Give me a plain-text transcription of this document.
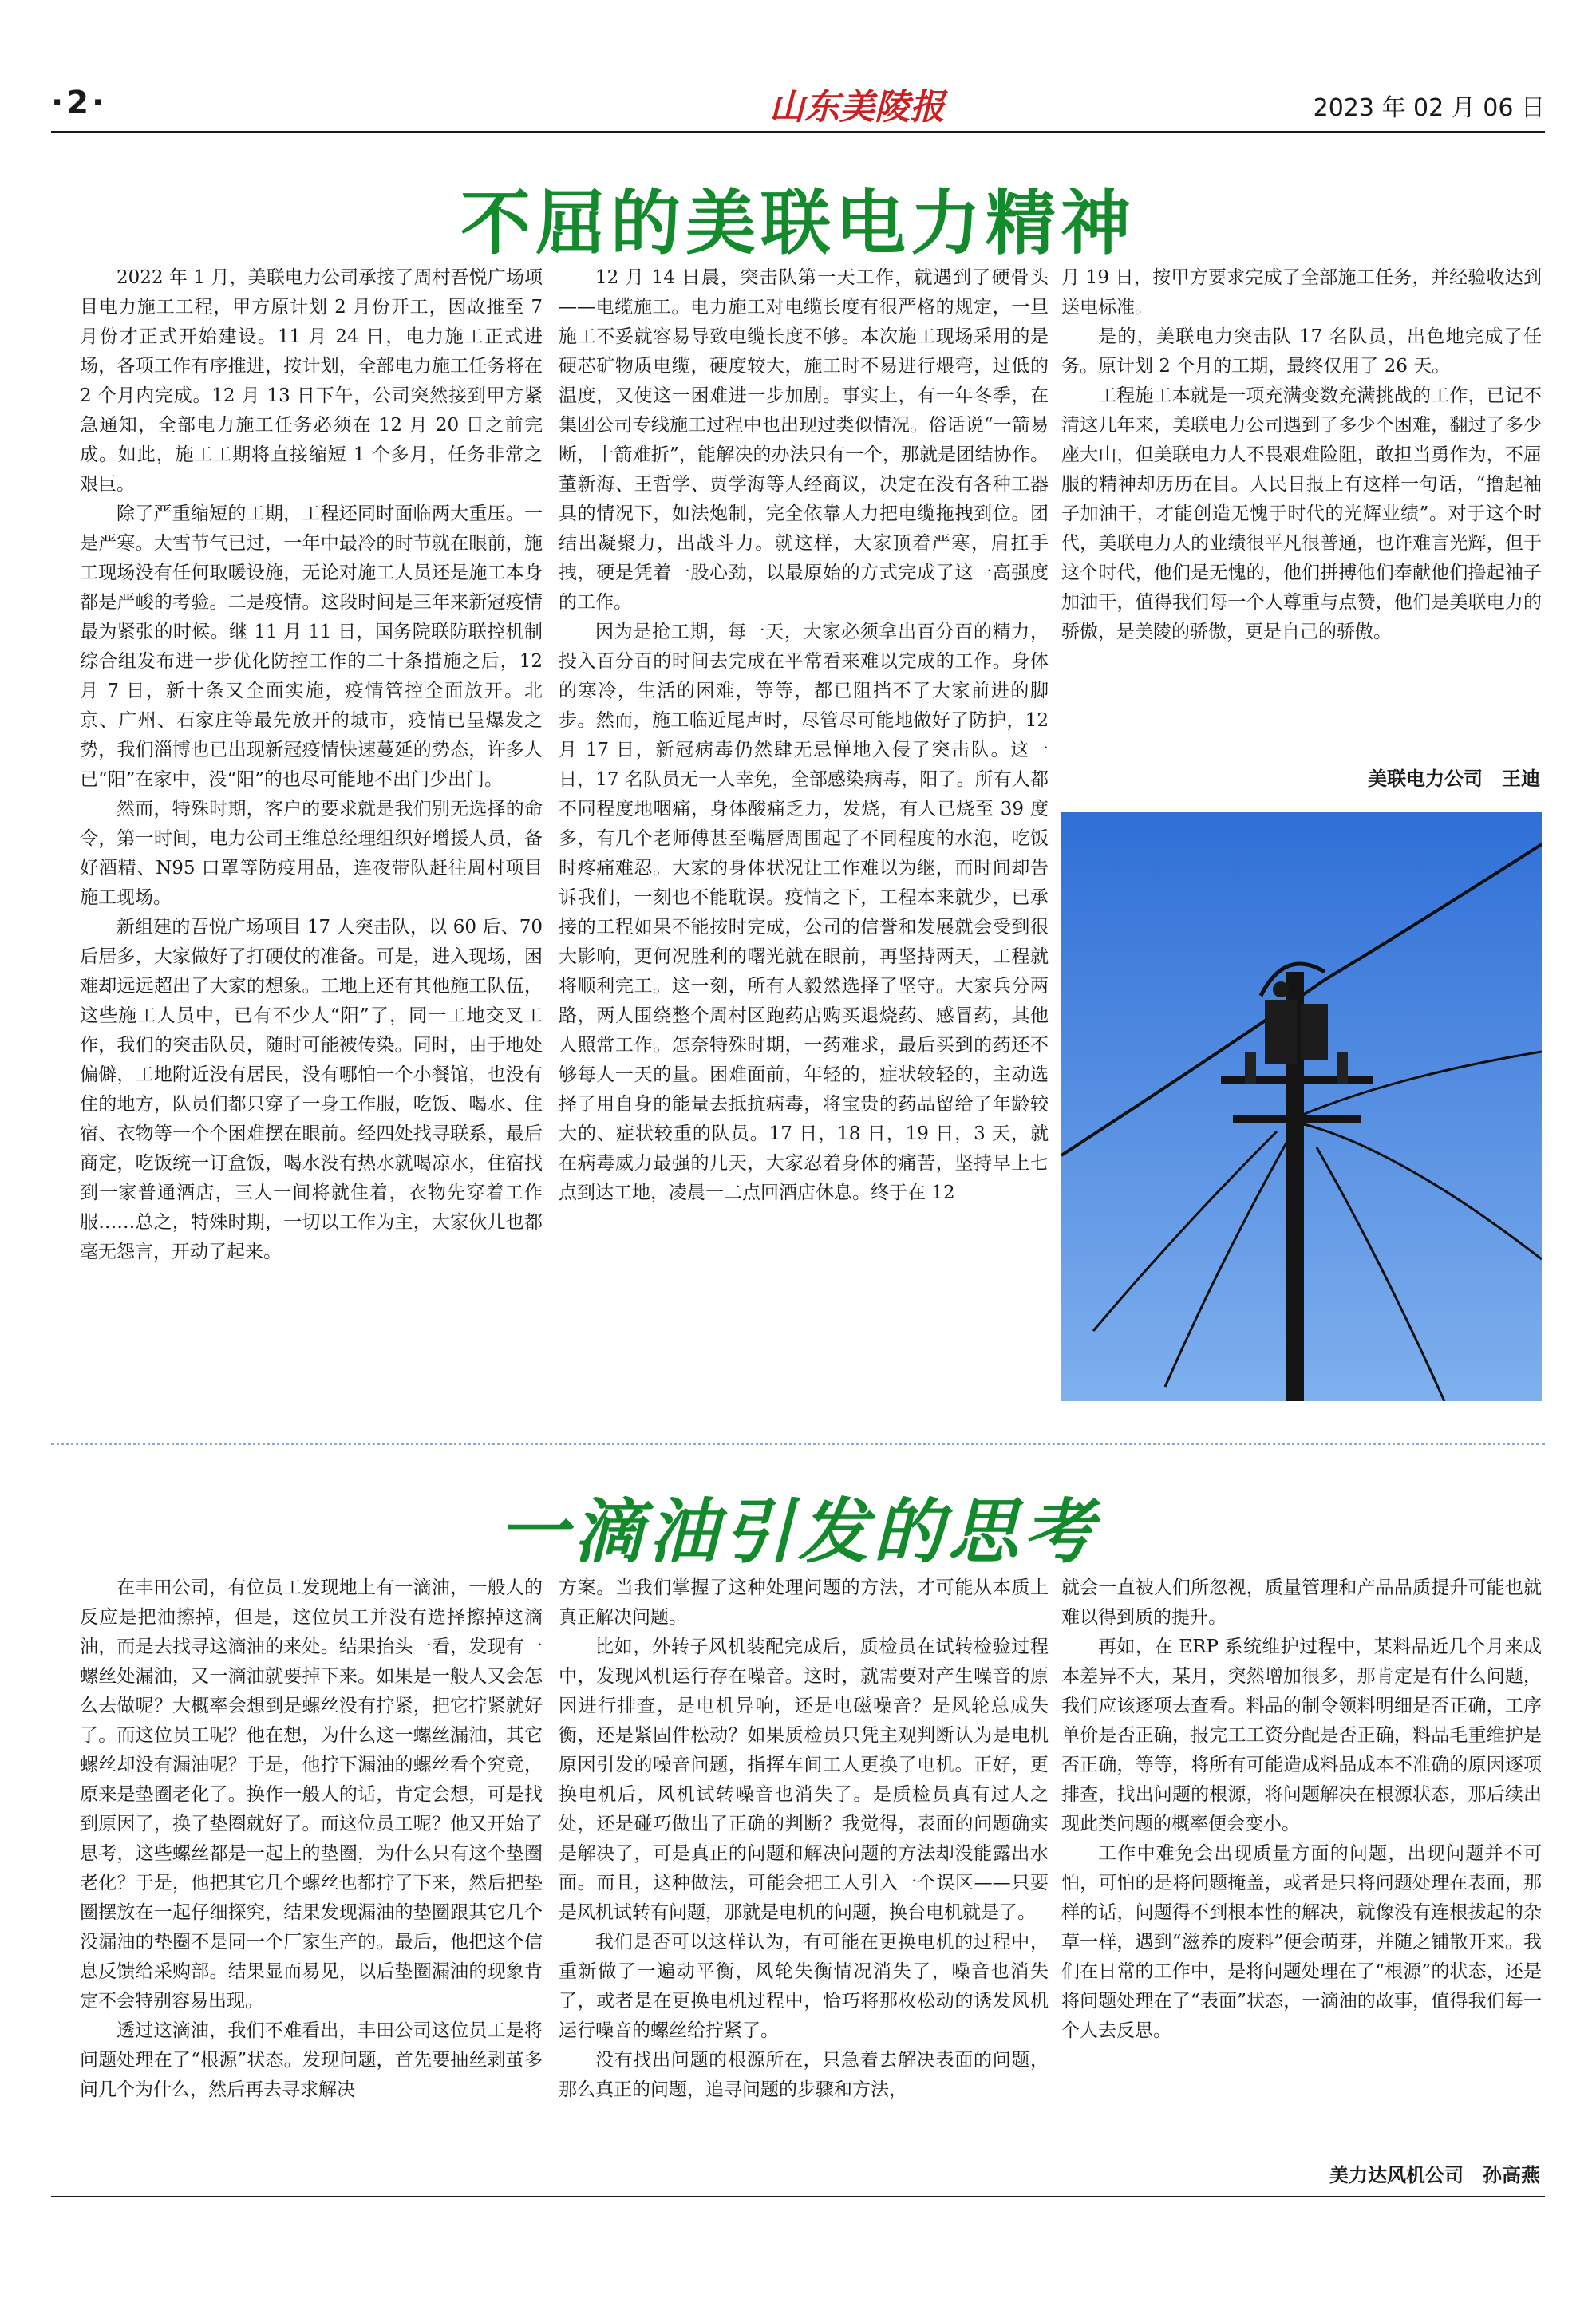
·2·	山东美陵报	2023 年 02 月 06 日
不屈的美联电力精神

2022 年 1 月，美联电力公司承接了周村吾悦广场项目电力施工工程，甲方原计划 2 月份开工，因故推至 7 月份才正式开始建设。11 月 24 日，电力施工正式进场，各项工作有序推进，按计划，全部电力施工任务将在 2 个月内完成。12 月 13 日下午，公司突然接到甲方紧急通知，全部电力施工任务必须在 12 月 20 日之前完成。如此，施工工期将直接缩短 1 个多月，任务非常之艰巨。

除了严重缩短的工期，工程还同时面临两大重压。一是严寒。大雪节气已过，一年中最冷的时节就在眼前，施工现场没有任何取暖设施，无论对施工人员还是施工本身都是严峻的考验。二是疫情。这段时间是三年来新冠疫情最为紧张的时候。继 11 月 11 日，国务院联防联控机制综合组发布进一步优化防控工作的二十条措施之后，12 月 7 日，新十条又全面实施，疫情管控全面放开。北京、广州、石家庄等最先放开的城市，疫情已呈爆发之势，我们淄博也已出现新冠疫情快速蔓延的势态，许多人已“阳”在家中，没“阳”的也尽可能地不出门少出门。

然而，特殊时期，客户的要求就是我们别无选择的命令，第一时间，电力公司王维总经理组织好增援人员，备好酒精、N95 口罩等防疫用品，连夜带队赶往周村项目施工现场。

新组建的吾悦广场项目 17 人突击队，以 60 后、70 后居多，大家做好了打硬仗的准备。可是，进入现场，困难却远远超出了大家的想象。工地上还有其他施工队伍，这些施工人员中，已有不少人“阳”了，同一工地交叉工作，我们的突击队员，随时可能被传染。同时，由于地处偏僻，工地附近没有居民，没有哪怕一个小餐馆，也没有住的地方，队员们都只穿了一身工作服，吃饭、喝水、住宿、衣物等一个个困难摆在眼前。经四处找寻联系，最后商定，吃饭统一订盒饭，喝水没有热水就喝凉水，住宿找到一家普通酒店，三人一间将就住着，衣物先穿着工作服……总之，特殊时期，一切以工作为主，大家伙儿也都毫无怨言，开动了起来。

12 月 14 日晨，突击队第一天工作，就遇到了硬骨头——电缆施工。电力施工对电缆长度有很严格的规定，一旦施工不妥就容易导致电缆长度不够。本次施工现场采用的是硬芯矿物质电缆，硬度较大，施工时不易进行煨弯，过低的温度，又使这一困难进一步加剧。事实上，有一年冬季，在集团公司专线施工过程中也出现过类似情况。俗话说“一箭易断，十箭难折”，能解决的办法只有一个，那就是团结协作。董新海、王哲学、贾学海等人经商议，决定在没有各种工器具的情况下，如法炮制，完全依靠人力把电缆拖拽到位。团结出凝聚力，出战斗力。就这样，大家顶着严寒，肩扛手拽，硬是凭着一股心劲，以最原始的方式完成了这一高强度的工作。

因为是抢工期，每一天，大家必须拿出百分百的精力，投入百分百的时间去完成在平常看来难以完成的工作。身体的寒冷，生活的困难，等等，都已阻挡不了大家前进的脚步。然而，施工临近尾声时，尽管尽可能地做好了防护，12 月 17 日，新冠病毒仍然肆无忌惮地入侵了突击队。这一日，17 名队员无一人幸免，全部感染病毒，阳了。所有人都不同程度地咽痛，身体酸痛乏力，发烧，有人已烧至 39 度多，有几个老师傅甚至嘴唇周围起了不同程度的水泡，吃饭时疼痛难忍。大家的身体状况让工作难以为继，而时间却告诉我们，一刻也不能耽误。疫情之下，工程本来就少，已承接的工程如果不能按时完成，公司的信誉和发展就会受到很大影响，更何况胜利的曙光就在眼前，再坚持两天，工程就将顺利完工。这一刻，所有人毅然选择了坚守。大家兵分两路，两人围绕整个周村区跑药店购买退烧药、感冒药，其他人照常工作。怎奈特殊时期，一药难求，最后买到的药还不够每人一天的量。困难面前，年轻的，症状较轻的，主动选择了用自身的能量去抵抗病毒，将宝贵的药品留给了年龄较大的、症状较重的队员。17 日，18 日，19 日，3 天，就在病毒威力最强的几天，大家忍着身体的痛苦，坚持早上七点到达工地，凌晨一二点回酒店休息。终于在 12

月 19 日，按甲方要求完成了全部施工任务，并经验收达到送电标准。

是的，美联电力突击队 17 名队员，出色地完成了任务。原计划 2 个月的工期，最终仅用了 26 天。

工程施工本就是一项充满变数充满挑战的工作，已记不清这几年来，美联电力公司遇到了多少个困难，翻过了多少座大山，但美联电力人不畏艰难险阻，敢担当勇作为，不屈服的精神却历历在目。人民日报上有这样一句话，“撸起袖子加油干，才能创造无愧于时代的光辉业绩”。对于这个时代，美联电力人的业绩很平凡很普通，也许难言光辉，但于这个时代，他们是无愧的，他们拼搏他们奉献他们撸起袖子加油干，值得我们每一个人尊重与点赞，他们是美联电力的骄傲，是美陵的骄傲，更是自己的骄傲。

美联电力公司　王迪
一滴油引发的思考

在丰田公司，有位员工发现地上有一滴油，一般人的反应是把油擦掉，但是，这位员工并没有选择擦掉这滴油，而是去找寻这滴油的来处。结果抬头一看，发现有一螺丝处漏油，又一滴油就要掉下来。如果是一般人又会怎么去做呢？大概率会想到是螺丝没有拧紧，把它拧紧就好了。而这位员工呢？他在想，为什么这一螺丝漏油，其它螺丝却没有漏油呢？于是，他拧下漏油的螺丝看个究竟，原来是垫圈老化了。换作一般人的话，肯定会想，可是找到原因了，换了垫圈就好了。而这位员工呢？他又开始了思考，这些螺丝都是一起上的垫圈，为什么只有这个垫圈老化？于是，他把其它几个螺丝也都拧了下来，然后把垫圈摆放在一起仔细探究，结果发现漏油的垫圈跟其它几个没漏油的垫圈不是同一个厂家生产的。最后，他把这个信息反馈给采购部。结果显而易见，以后垫圈漏油的现象肯定不会特别容易出现。

透过这滴油，我们不难看出，丰田公司这位员工是将问题处理在了“根源”状态。发现问题，首先要抽丝剥茧多问几个为什么，然后再去寻求解决

方案。当我们掌握了这种处理问题的方法，才可能从本质上真正解决问题。

比如，外转子风机装配完成后，质检员在试转检验过程中，发现风机运行存在噪音。这时，就需要对产生噪音的原因进行排查，是电机异响，还是电磁噪音？是风轮总成失衡，还是紧固件松动？如果质检员只凭主观判断认为是电机原因引发的噪音问题，指挥车间工人更换了电机。正好，更换电机后，风机试转噪音也消失了。是质检员真有过人之处，还是碰巧做出了正确的判断？我觉得，表面的问题确实是解决了，可是真正的问题和解决问题的方法却没能露出水面。而且，这种做法，可能会把工人引入一个误区——只要是风机试转有问题，那就是电机的问题，换台电机就是了。

我们是否可以这样认为，有可能在更换电机的过程中，重新做了一遍动平衡，风轮失衡情况消失了，噪音也消失了，或者是在更换电机过程中，恰巧将那枚松动的诱发风机运行噪音的螺丝给拧紧了。

没有找出问题的根源所在，只急着去解决表面的问题，那么真正的问题，追寻问题的步骤和方法，

就会一直被人们所忽视，质量管理和产品品质提升可能也就难以得到质的提升。

再如，在 ERP 系统维护过程中，某料品近几个月来成本差异不大，某月，突然增加很多，那肯定是有什么问题，我们应该逐项去查看。料品的制令领料明细是否正确，工序单价是否正确，报完工工资分配是否正确，料品毛重维护是否正确，等等，将所有可能造成料品成本不准确的原因逐项排查，找出问题的根源，将问题解决在根源状态，那后续出现此类问题的概率便会变小。

工作中难免会出现质量方面的问题，出现问题并不可怕，可怕的是将问题掩盖，或者是只将问题处理在表面，那样的话，问题得不到根本性的解决，就像没有连根拔起的杂草一样，遇到“滋养的废料”便会萌芽，并随之铺散开来。我们在日常的工作中，是将问题处理在了“根源”的状态，还是将问题处理在了“表面”状态，一滴油的故事，值得我们每一个人去反思。

美力达风机公司　孙高燕
